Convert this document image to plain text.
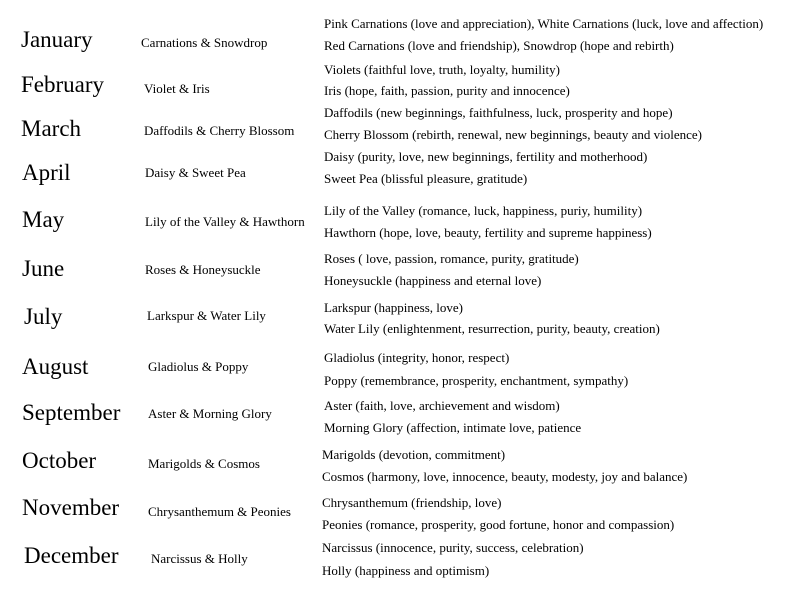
January	Carnations & Snowdrop
Pink Carnations (love and appreciation), White Carnations (luck, love and affection)
Red Carnations (love and friendship), Snowdrop (hope and rebirth)
February	Violet & Iris
Violets (faithful love, truth, loyalty, humility)
Iris (hope, faith, passion, purity and innocence)
March	Daffodils & Cherry Blossom
Daffodils (new beginnings, faithfulness, luck, prosperity and hope)
Cherry Blossom (rebirth, renewal, new beginnings, beauty and violence)
April	Daisy & Sweet Pea
Daisy (purity, love, new beginnings, fertility and motherhood)
Sweet Pea (blissful pleasure, gratitude)
May	Lily of the Valley & Hawthorn
Lily of the Valley (romance, luck, happiness, puriy, humility)
Hawthorn (hope, love, beauty, fertility and supreme happiness)
June	Roses & Honeysuckle
Roses ( love, passion, romance, purity, gratitude)
Honeysuckle (happiness and eternal love)
July	Larkspur & Water Lily
Larkspur (happiness, love)
Water Lily (enlightenment, resurrection, purity, beauty, creation)
August	Gladiolus & Poppy
Gladiolus (integrity, honor, respect)
Poppy (remembrance, prosperity, enchantment, sympathy)
September Aster & Morning Glory
Aster (faith, love, archievement and wisdom)
Morning Glory (affection, intimate love, patience
October	Marigolds & Cosmos
Marigolds (devotion, commitment)
Cosmos (harmony, love, innocence, beauty, modesty, joy and balance)
November Chrysanthemum & Peonies
Chrysanthemum (friendship, love)
Peonies (romance, prosperity, good fortune, honor and compassion)
December	Narcissus & Holly
Narcissus (innocence, purity, success, celebration)
Holly (happiness and optimism)
